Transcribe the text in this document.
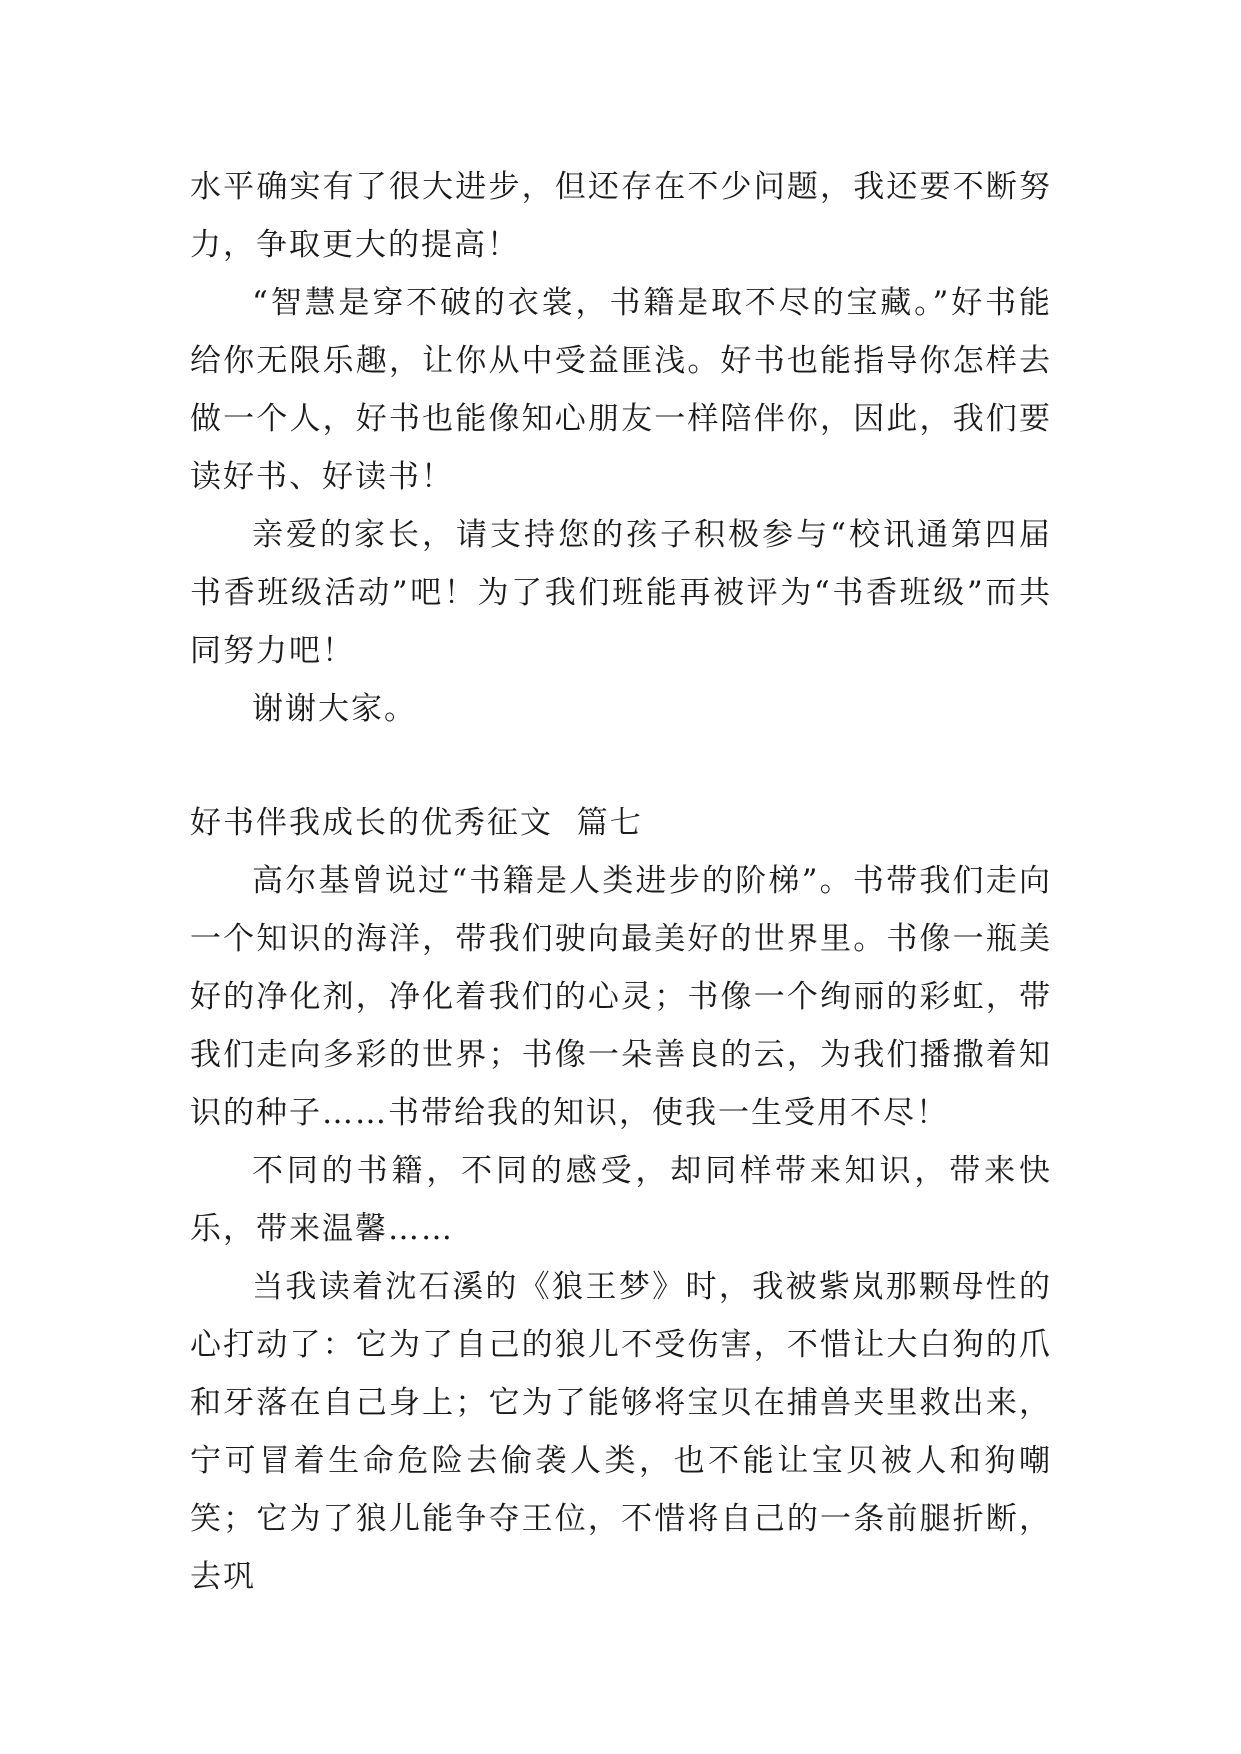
水平确实有了很大进步，但还存在不少问题，我还要不断努力，争取更大的提高！

“智慧是穿不破的衣裳，书籍是取不尽的宝藏。”好书能给你无限乐趣，让你从中受益匪浅。好书也能指导你怎样去做一个人，好书也能像知心朋友一样陪伴你，因此，我们要读好书、好读书！

亲爱的家长，请支持您的孩子积极参与“校讯通第四届书香班级活动”吧！为了我们班能再被评为“书香班级”而共同努力吧！

谢谢大家。

好书伴我成长的优秀征文  篇七

高尔基曾说过“书籍是人类进步的阶梯”。书带我们走向一个知识的海洋，带我们驶向最美好的世界里。书像一瓶美好的净化剂，净化着我们的心灵；书像一个绚丽的彩虹，带我们走向多彩的世界；书像一朵善良的云，为我们播撒着知识的种子……书带给我的知识，使我一生受用不尽！

不同的书籍，不同的感受，却同样带来知识，带来快乐，带来温馨……

当我读着沈石溪的《狼王梦》时，我被紫岚那颗母性的心打动了：它为了自己的狼儿不受伤害，不惜让大白狗的爪和牙落在自己身上；它为了能够将宝贝在捕兽夹里救出来，宁可冒着生命危险去偷袭人类，也不能让宝贝被人和狗嘲笑；它为了狼儿能争夺王位，不惜将自己的一条前腿折断，去巩
